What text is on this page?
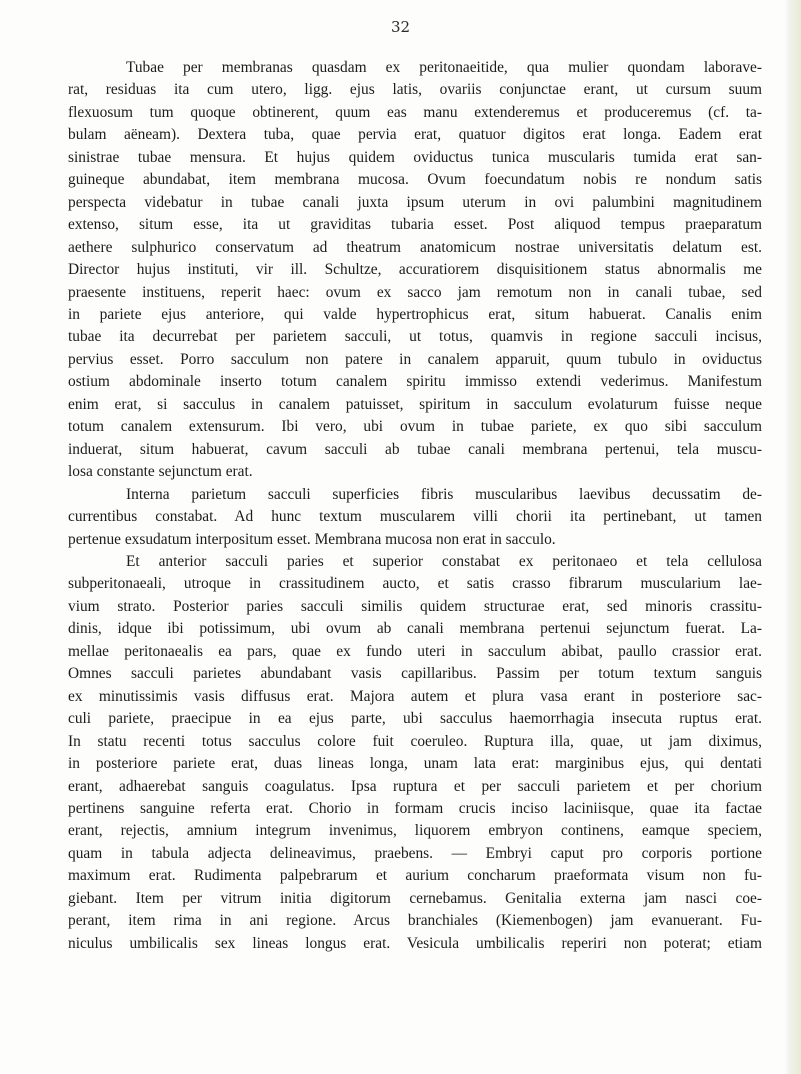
32

Tubae per membranas quasdam ex peritonaeitide, qua mulier quondam laborave-
rat, residuas ita cum utero, ligg. ejus latis, ovariis conjunctae erant, ut cursum suum
flexuosum tum quoque obtinerent, quum eas manu extenderemus et produceremus (cf. ta-
bulam aëneam). Dextera tuba, quae pervia erat, quatuor digitos erat longa. Eadem erat
sinistrae tubae mensura. Et hujus quidem oviductus tunica muscularis tumida erat san-
guineque abundabat, item membrana mucosa. Ovum foecundatum nobis re nondum satis
perspecta videbatur in tubae canali juxta ipsum uterum in ovi palumbini magnitudinem
extenso, situm esse, ita ut graviditas tubaria esset. Post aliquod tempus praeparatum
aethere sulphurico conservatum ad theatrum anatomicum nostrae universitatis delatum est.
Director hujus instituti, vir ill. Schultze, accuratiorem disquisitionem status abnormalis me
praesente instituens, reperit haec: ovum ex sacco jam remotum non in canali tubae, sed
in pariete ejus anteriore, qui valde hypertrophicus erat, situm habuerat. Canalis enim
tubae ita decurrebat per parietem sacculi, ut totus, quamvis in regione sacculi incisus,
pervius esset. Porro sacculum non patere in canalem apparuit, quum tubulo in oviductus
ostium abdominale inserto totum canalem spiritu immisso extendi vederimus. Manifestum
enim erat, si sacculus in canalem patuisset, spiritum in sacculum evolaturum fuisse neque
totum canalem extensurum. Ibi vero, ubi ovum in tubae pariete, ex quo sibi sacculum
induerat, situm habuerat, cavum sacculi ab tubae canali membrana pertenui, tela muscu-
losa constante sejunctum erat.

Interna parietum sacculi superficies fibris muscularibus laevibus decussatim de-
currentibus constabat. Ad hunc textum muscularem villi chorii ita pertinebant, ut tamen
pertenue exsudatum interpositum esset. Membrana mucosa non erat in sacculo.

Et anterior sacculi paries et superior constabat ex peritonaeo et tela cellulosa
subperitonaeali, utroque in crassitudinem aucto, et satis crasso fibrarum muscularium lae-
vium strato. Posterior paries sacculi similis quidem structurae erat, sed minoris crassitu-
dinis, idque ibi potissimum, ubi ovum ab canali membrana pertenui sejunctum fuerat. La-
mellae peritonaealis ea pars, quae ex fundo uteri in sacculum abibat, paullo crassior erat.
Omnes sacculi parietes abundabant vasis capillaribus. Passim per totum textum sanguis
ex minutissimis vasis diffusus erat. Majora autem et plura vasa erant in posteriore sac-
culi pariete, praecipue in ea ejus parte, ubi sacculus haemorrhagia insecuta ruptus erat.
In statu recenti totus sacculus colore fuit coeruleo. Ruptura illa, quae, ut jam diximus,
in posteriore pariete erat, duas lineas longa, unam lata erat: marginibus ejus, qui dentati
erant, adhaerebat sanguis coagulatus. Ipsa ruptura et per sacculi parietem et per chorium
pertinens sanguine referta erat. Chorio in formam crucis inciso laciniisque, quae ita factae
erant, rejectis, amnium integrum invenimus, liquorem embryon continens, eamque speciem,
quam in tabula adjecta delineavimus, praebens. — Embryi caput pro corporis portione
maximum erat. Rudimenta palpebrarum et aurium concharum praeformata visum non fu-
giebant. Item per vitrum initia digitorum cernebamus. Genitalia externa jam nasci coe-
perant, item rima in ani regione. Arcus branchiales (Kiemenbogen) jam evanuerant. Fu-
niculus umbilicalis sex lineas longus erat. Vesicula umbilicalis reperiri non poterat; etiam
